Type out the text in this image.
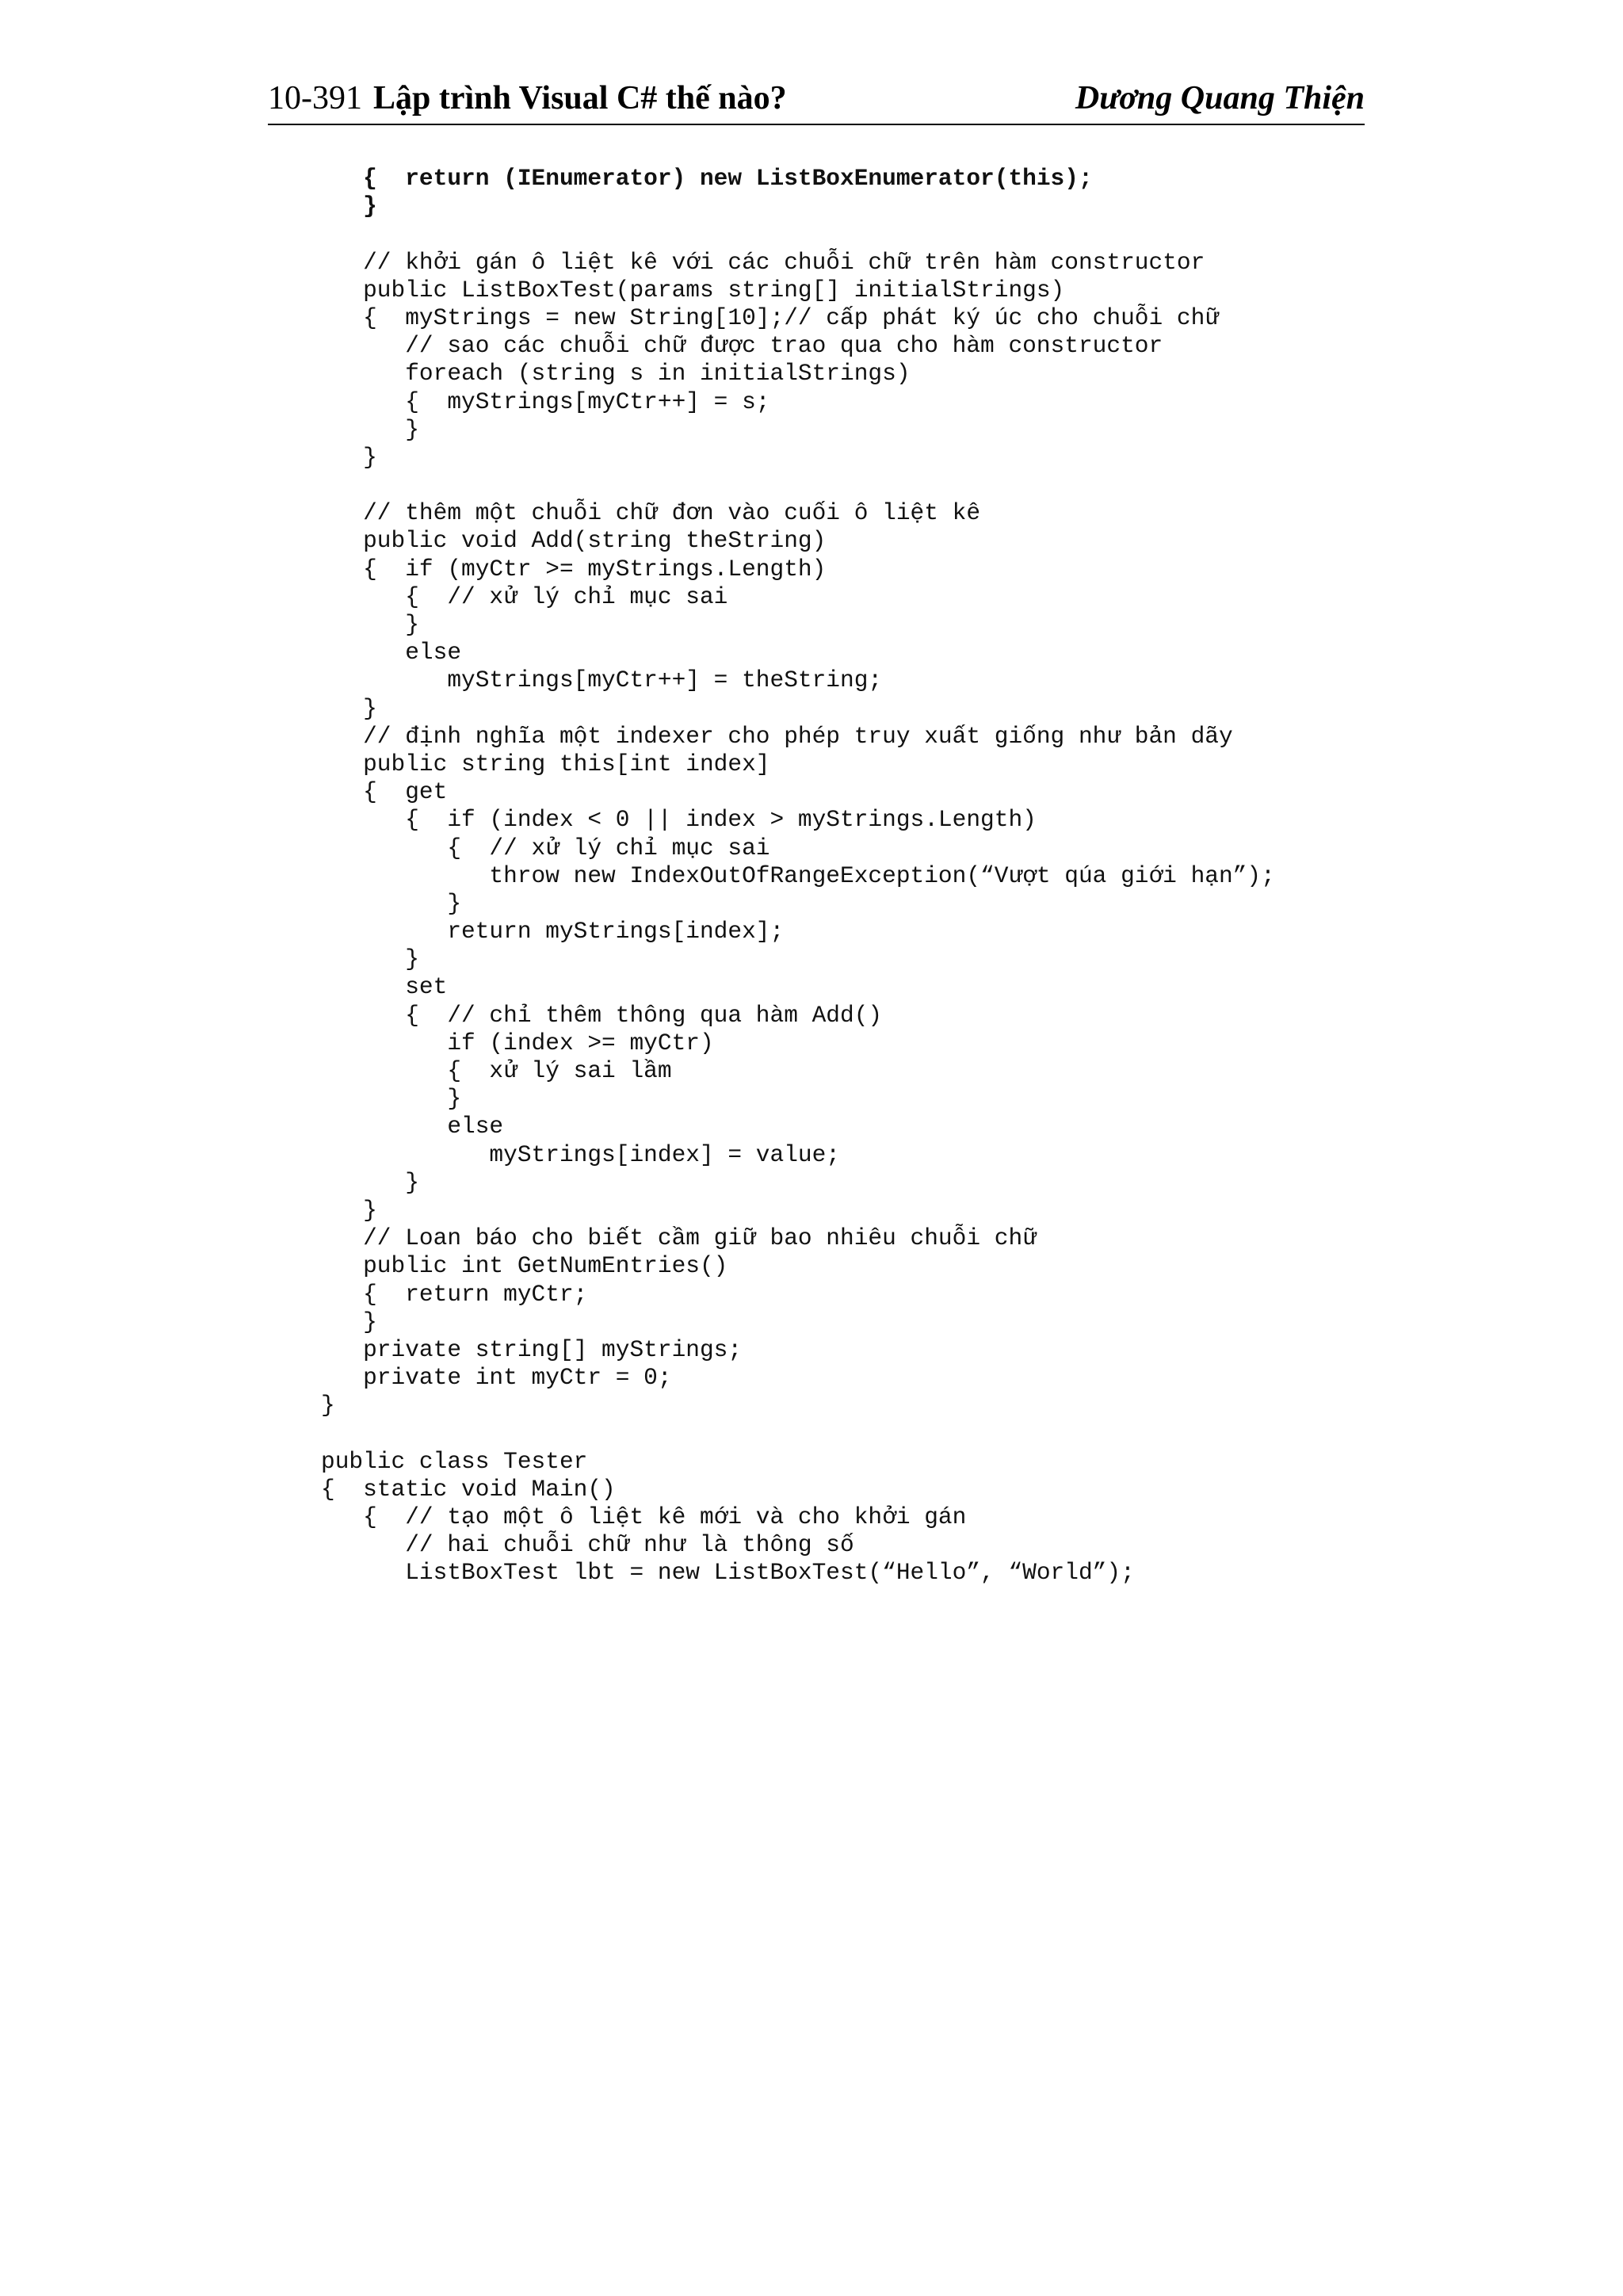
10-391 Lập trình Visual C# thế nào?	Dương Quang Thiện
{  return (IEnumerator) new ListBoxEnumerator(this);
}
// khởi gán ô liệt kê với các chuỗi chữ trên hàm constructor
public ListBoxTest(params string[] initialStrings)
{  myStrings = new String[10];// cấp phát ký úc cho chuỗi chữ
// sao các chuỗi chữ được trao qua cho hàm constructor
foreach (string s in initialStrings)
{  myStrings[myCtr++] = s;
}
}
// thêm một chuỗi chữ đơn vào cuối ô liệt kê
public void Add(string theString)
{  if (myCtr >= myStrings.Length)
{  // xử lý chỉ mục sai
}
else
myStrings[myCtr++] = theString;
}
// định nghĩa một indexer cho phép truy xuất giống như bản dãy
public string this[int index]
{  get
{  if (index < 0 || index > myStrings.Length)
{  // xử lý chỉ mục sai
throw new IndexOutOfRangeException(“Vượt qúa giới hạn”);
}
return myStrings[index];
}
set
{  // chỉ thêm thông qua hàm Add()
if (index >= myCtr)
{  xử lý sai lầm
}
else
myStrings[index] = value;
}
}
// Loan báo cho biết cầm giữ bao nhiêu chuỗi chữ
public int GetNumEntries()
{  return myCtr;
}
private string[] myStrings;
private int myCtr = 0;
}
public class Tester
{  static void Main()
{  // tạo một ô liệt kê mới và cho khởi gán
// hai chuỗi chữ như là thông số
ListBoxTest lbt = new ListBoxTest(“Hello”, “World”);
